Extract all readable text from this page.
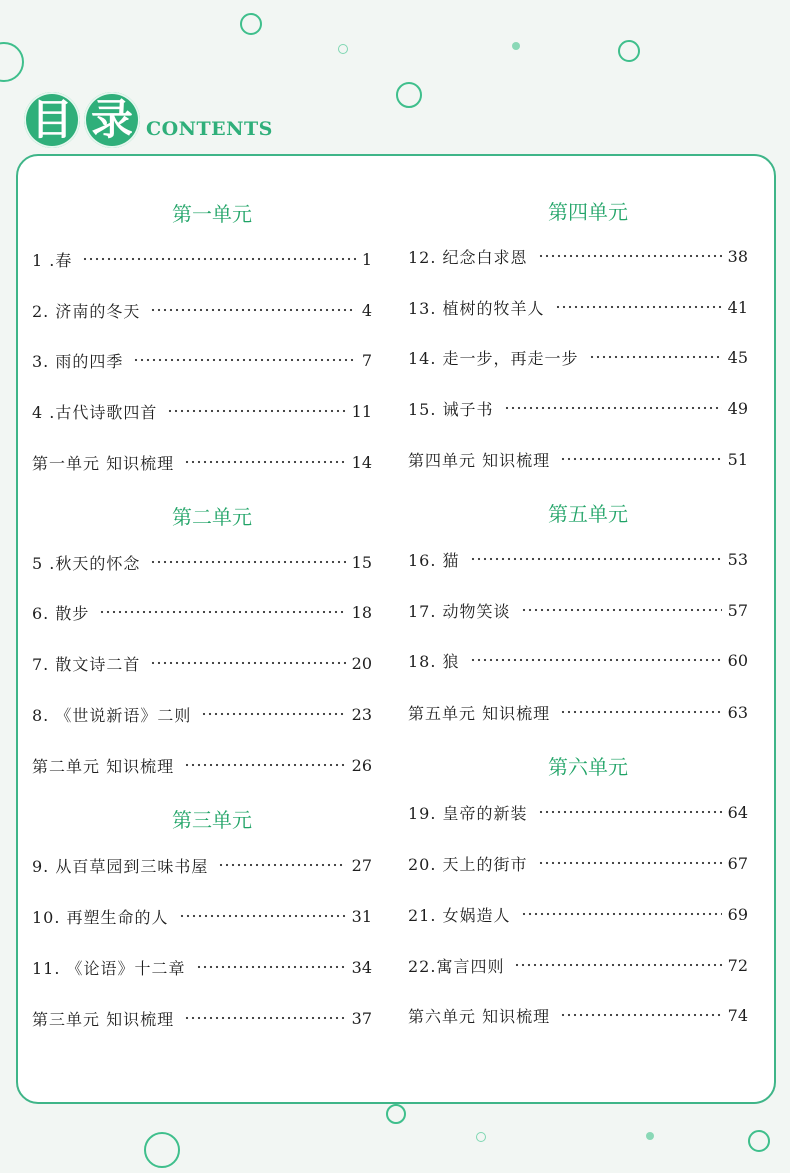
目 录 CONTENTS
第一单元
1 .春	1
2. 济南的冬天	4
3. 雨的四季	7
4 .古代诗歌四首	11
第一单元 知识梳理	14
第二单元
5 .秋天的怀念	15
6. 散步	18
7. 散文诗二首	20
8. 《世说新语》二则	23
第二单元 知识梳理	26
第三单元
9. 从百草园到三味书屋	27
10. 再塑生命的人	31
11. 《论语》十二章	34
第三单元 知识梳理	37
第四单元
12. 纪念白求恩	38
13. 植树的牧羊人	41
14. 走一步，再走一步	45
15. 诫子书	49
第四单元 知识梳理	51
第五单元
16. 猫	53
17. 动物笑谈	57
18. 狼	60
第五单元 知识梳理	63
第六单元
19. 皇帝的新装	64
20. 天上的街市	67
21. 女娲造人	69
22.寓言四则	72
第六单元 知识梳理	74
